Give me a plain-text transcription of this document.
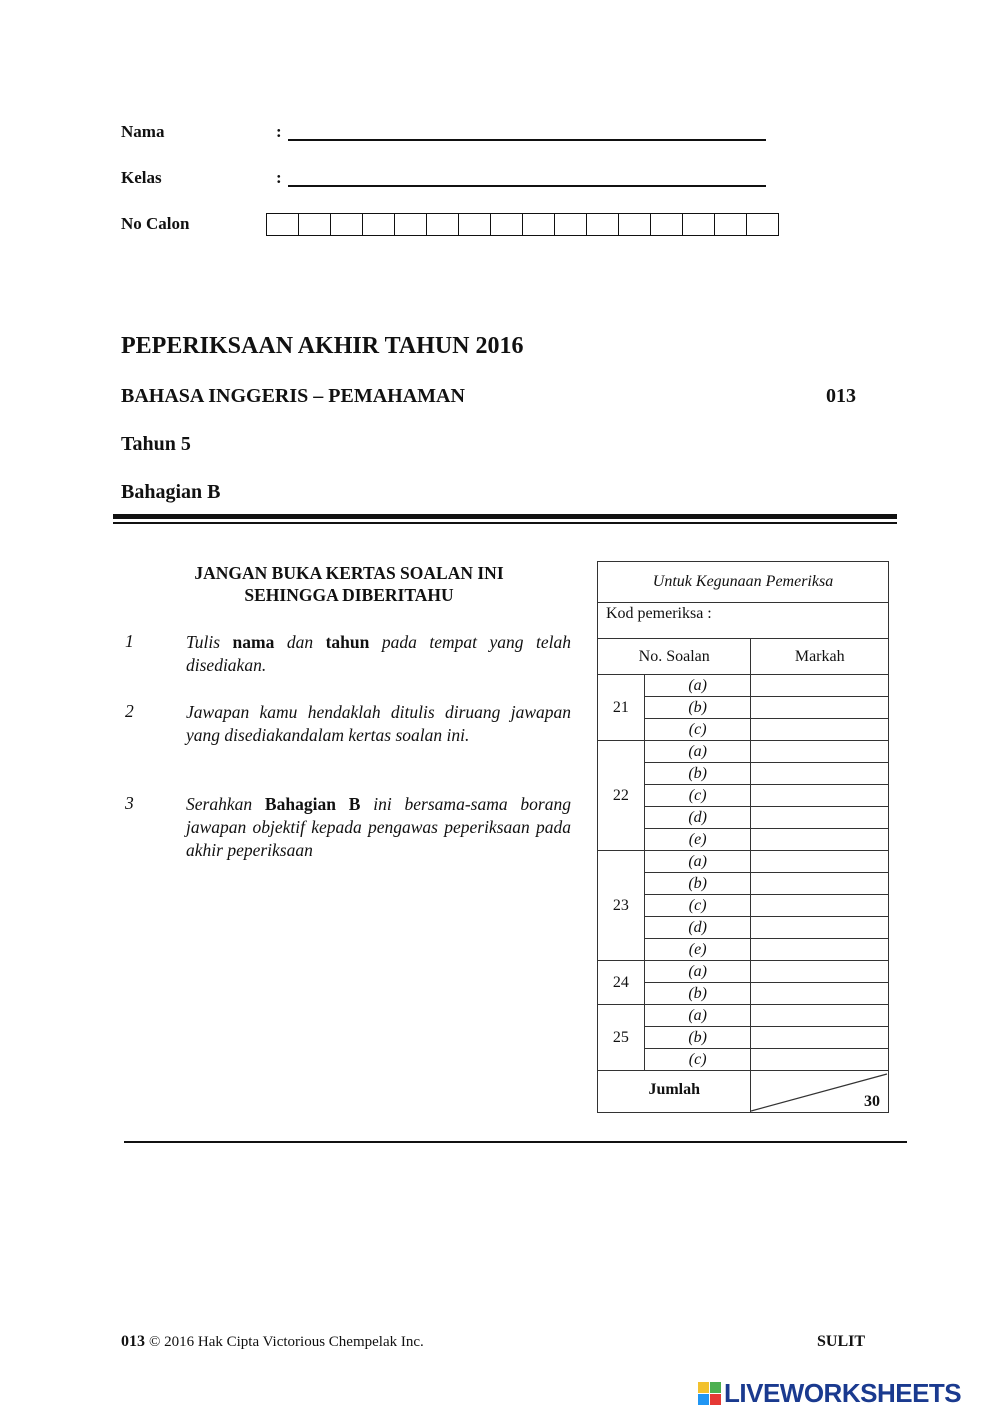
Nama	:
Kelas	:
No Calon
PEPERIKSAAN AKHIR TAHUN 2016
BAHASA INGGERIS – PEMAHAMAN	013
Tahun 5
Bahagian B
JANGAN BUKA KERTAS SOALAN INI
SEHINGGA DIBERITAHU
1	Tulis nama dan tahun pada tempat yang telah disediakan.
2	Jawapan kamu hendaklah ditulis diruang jawapan yang disediakandalam kertas soalan ini.
3	Serahkan Bahagian B ini bersama-sama borang jawapan objektif kepada pengawas peperiksaan pada akhir peperiksaan
Untuk Kegunaan Pemeriksa		
Kod pemeriksa :		
No. Soalan		Markah
21	(a)	
	(b)	
	(c)	
22	(a)	
	(b)	
	(c)	
	(d)	
	(e)	
23	(a)	
	(b)	
	(c)	
	(d)	
	(e)	
24	(a)	
	(b)	
25	(a)	
	(b)	
	(c)	
Jumlah		30
013 © 2016 Hak Cipta Victorious Chempelak Inc.	SULIT
LIVEWORKSHEETS
